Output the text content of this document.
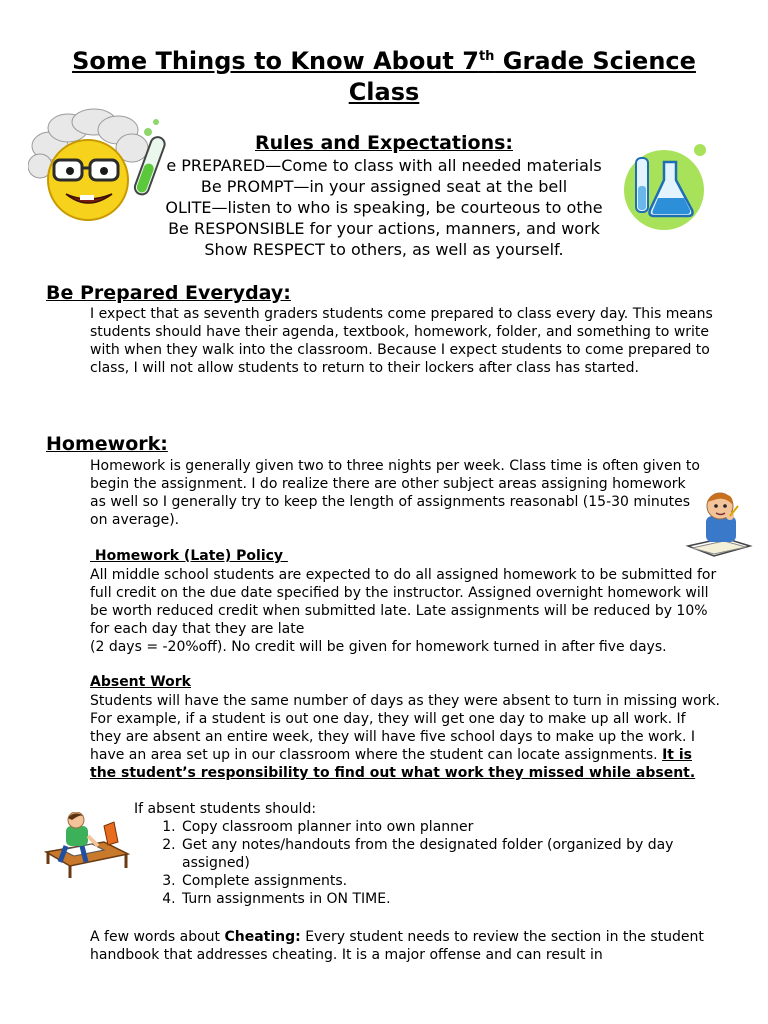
Some Things to Know About 7th Grade Science
Class
Rules and Expectations:
e PREPARED—Come to class with all needed materials
Be PROMPT—in your assigned seat at the bell
OLITE—listen to who is speaking, be courteous to othe
Be RESPONSIBLE for your actions, manners, and work
Show RESPECT to others, as well as yourself.
Be Prepared Everyday:
I expect that as seventh graders students come prepared to class every day. This means students should have their agenda, textbook, homework, folder, and something to write with when they walk into the classroom. Because I expect students to come prepared to class, I will not allow students to return to their lockers after class has started.
Homework:
Homework is generally given two to three nights per week. Class time is often given to begin the assignment. I do realize there are other subject areas assigning homework as well so I generally try to keep the length of assignments reasonabl (15-30 minutes on average).
Homework (Late) Policy
All middle school students are expected to do all assigned homework to be submitted for full credit on the due date specified by the instructor. Assigned overnight homework will be worth reduced credit when submitted late. Late assignments will be reduced by 10% for each day that they are late
(2 days = -20%off). No credit will be given for homework turned in after five days.
Absent Work
Students will have the same number of days as they were absent to turn in missing work. For example, if a student is out one day, they will get one day to make up all work. If they are absent an entire week, they will have five school days to make up the work. I have an area set up in our classroom where the student can locate assignments. It is the student’s responsibility to find out what work they missed while absent.
If absent students should:
1. Copy classroom planner into own planner
2. Get any notes/handouts from the designated folder (organized by day assigned)
3. Complete assignments.
4. Turn assignments in ON TIME.
A few words about Cheating: Every student needs to review the section in the student handbook that addresses cheating. It is a major offense and can result in
